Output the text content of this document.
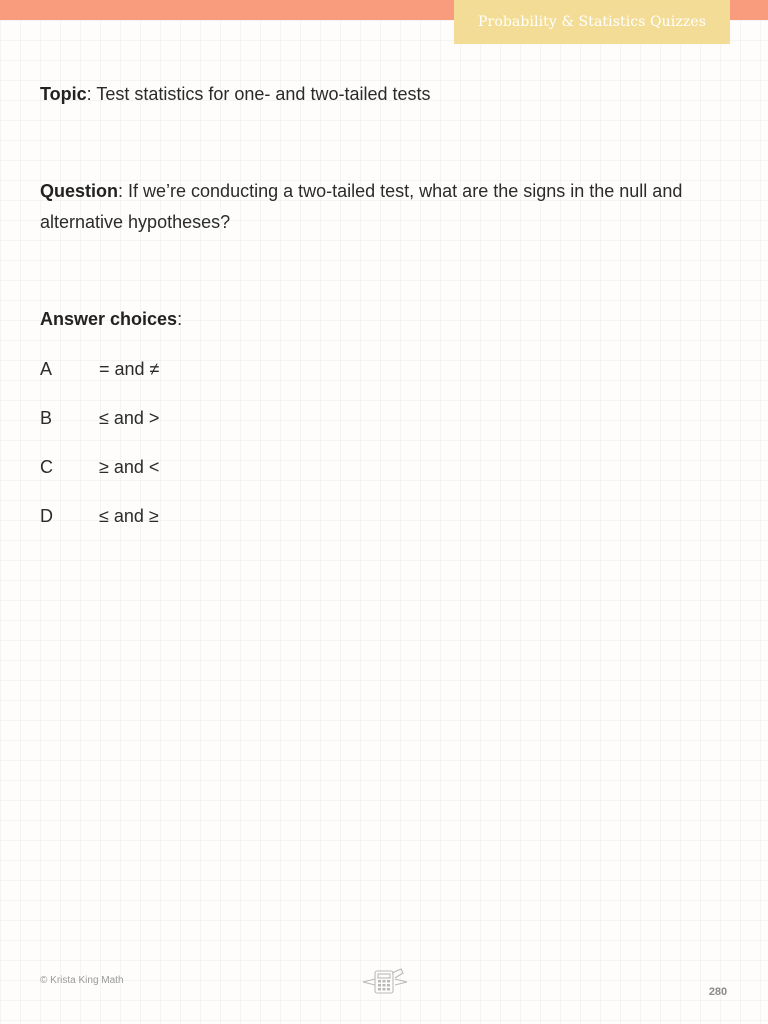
Probability & Statistics Quizzes

Topic: Test statistics for one- and two-tailed tests

Question: If we’re conducting a two-tailed test, what are the signs in the null and alternative hypotheses?

Answer choices:

A	= and ≠
B	≤ and >
C	≥ and <
D	≤ and ≥
© Krista King Math
280
